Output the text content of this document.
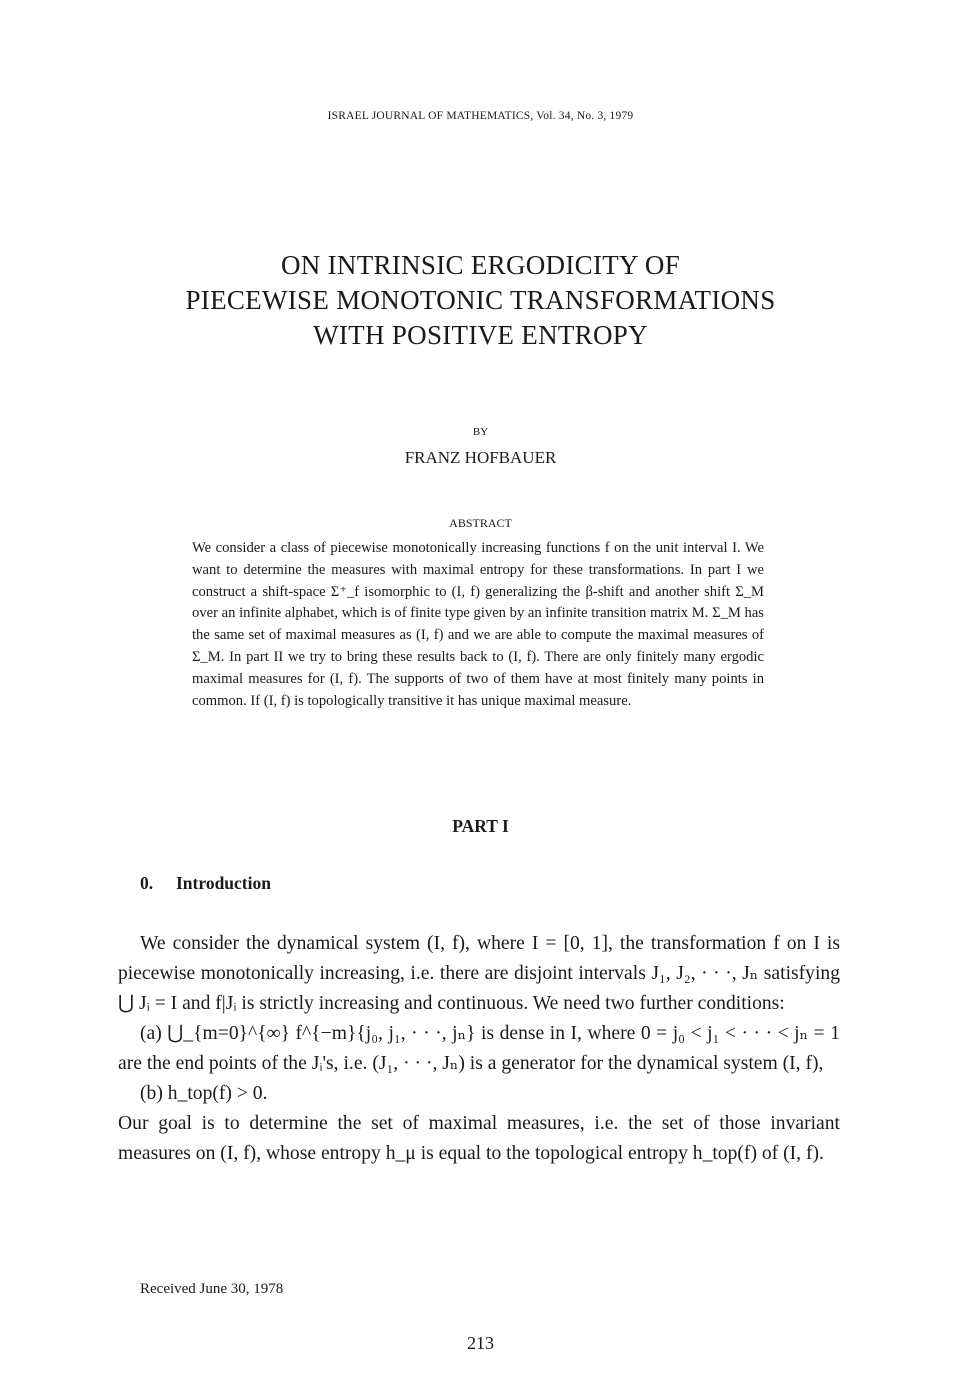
ISRAEL JOURNAL OF MATHEMATICS, Vol. 34, No. 3, 1979
ON INTRINSIC ERGODICITY OF
PIECEWISE MONOTONIC TRANSFORMATIONS
WITH POSITIVE ENTROPY
BY
FRANZ HOFBAUER
ABSTRACT
We consider a class of piecewise monotonically increasing functions f on the unit interval I. We want to determine the measures with maximal entropy for these transformations. In part I we construct a shift-space Σ⁺_f isomorphic to (I, f) generalizing the β-shift and another shift Σ_M over an infinite alphabet, which is of finite type given by an infinite transition matrix M. Σ_M has the same set of maximal measures as (I, f) and we are able to compute the maximal measures of Σ_M. In part II we try to bring these results back to (I, f). There are only finitely many ergodic maximal measures for (I, f). The supports of two of them have at most finitely many points in common. If (I, f) is topologically transitive it has unique maximal measure.
PART I
0. Introduction

We consider the dynamical system (I, f), where I = [0, 1], the transformation f on I is piecewise monotonically increasing, i.e. there are disjoint intervals J₁, J₂, · · ·, Jₙ satisfying ⋃ Jᵢ = I and f|Jᵢ is strictly increasing and continuous. We need two further conditions:

(a) ⋃_{m=0}^{∞} f^{−m}{j₀, j₁, · · ·, jₙ} is dense in I, where 0 = j₀ < j₁ < · · · < jₙ = 1 are the end points of the Jᵢ's, i.e. (J₁, · · ·, Jₙ) is a generator for the dynamical system (I, f),

(b) h_top(f) > 0.

Our goal is to determine the set of maximal measures, i.e. the set of those invariant measures on (I, f), whose entropy h_μ is equal to the topological entropy h_top(f) of (I, f).

Received June 30, 1978
213
